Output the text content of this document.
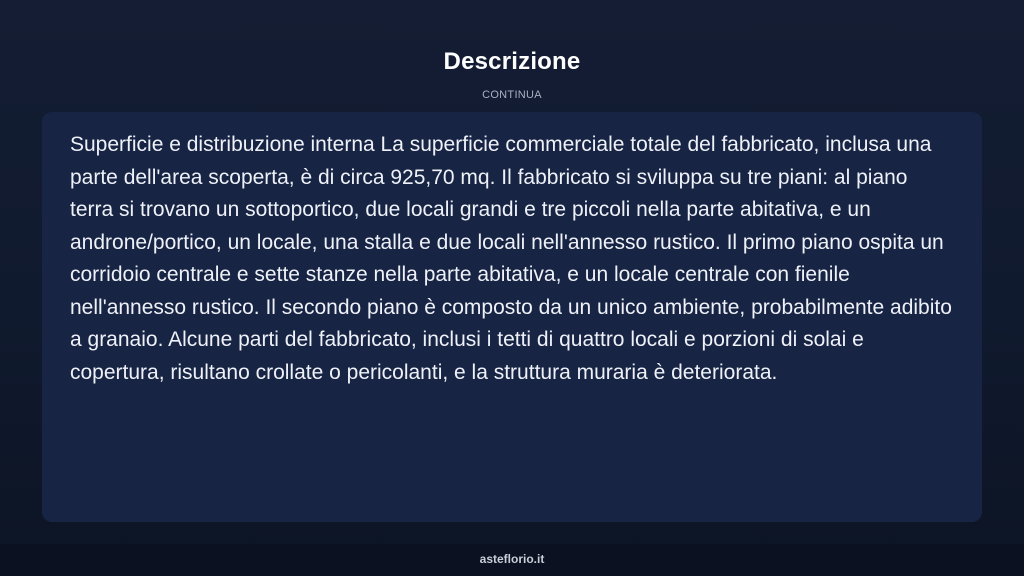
Descrizione
CONTINUA

Superficie e distribuzione interna La superficie commerciale totale del fabbricato, inclusa una parte dell'area scoperta, è di circa 925,70 mq. Il fabbricato si sviluppa su tre piani: al piano terra si trovano un sottoportico, due locali grandi e tre piccoli nella parte abitativa, e un androne/portico, un locale, una stalla e due locali nell'annesso rustico. Il primo piano ospita un corridoio centrale e sette stanze nella parte abitativa, e un locale centrale con fienile nell'annesso rustico. Il secondo piano è composto da un unico ambiente, probabilmente adibito a granaio. Alcune parti del fabbricato, inclusi i tetti di quattro locali e porzioni di solai e copertura, risultano crollate o pericolanti, e la struttura muraria è deteriorata.

asteflorio.it
